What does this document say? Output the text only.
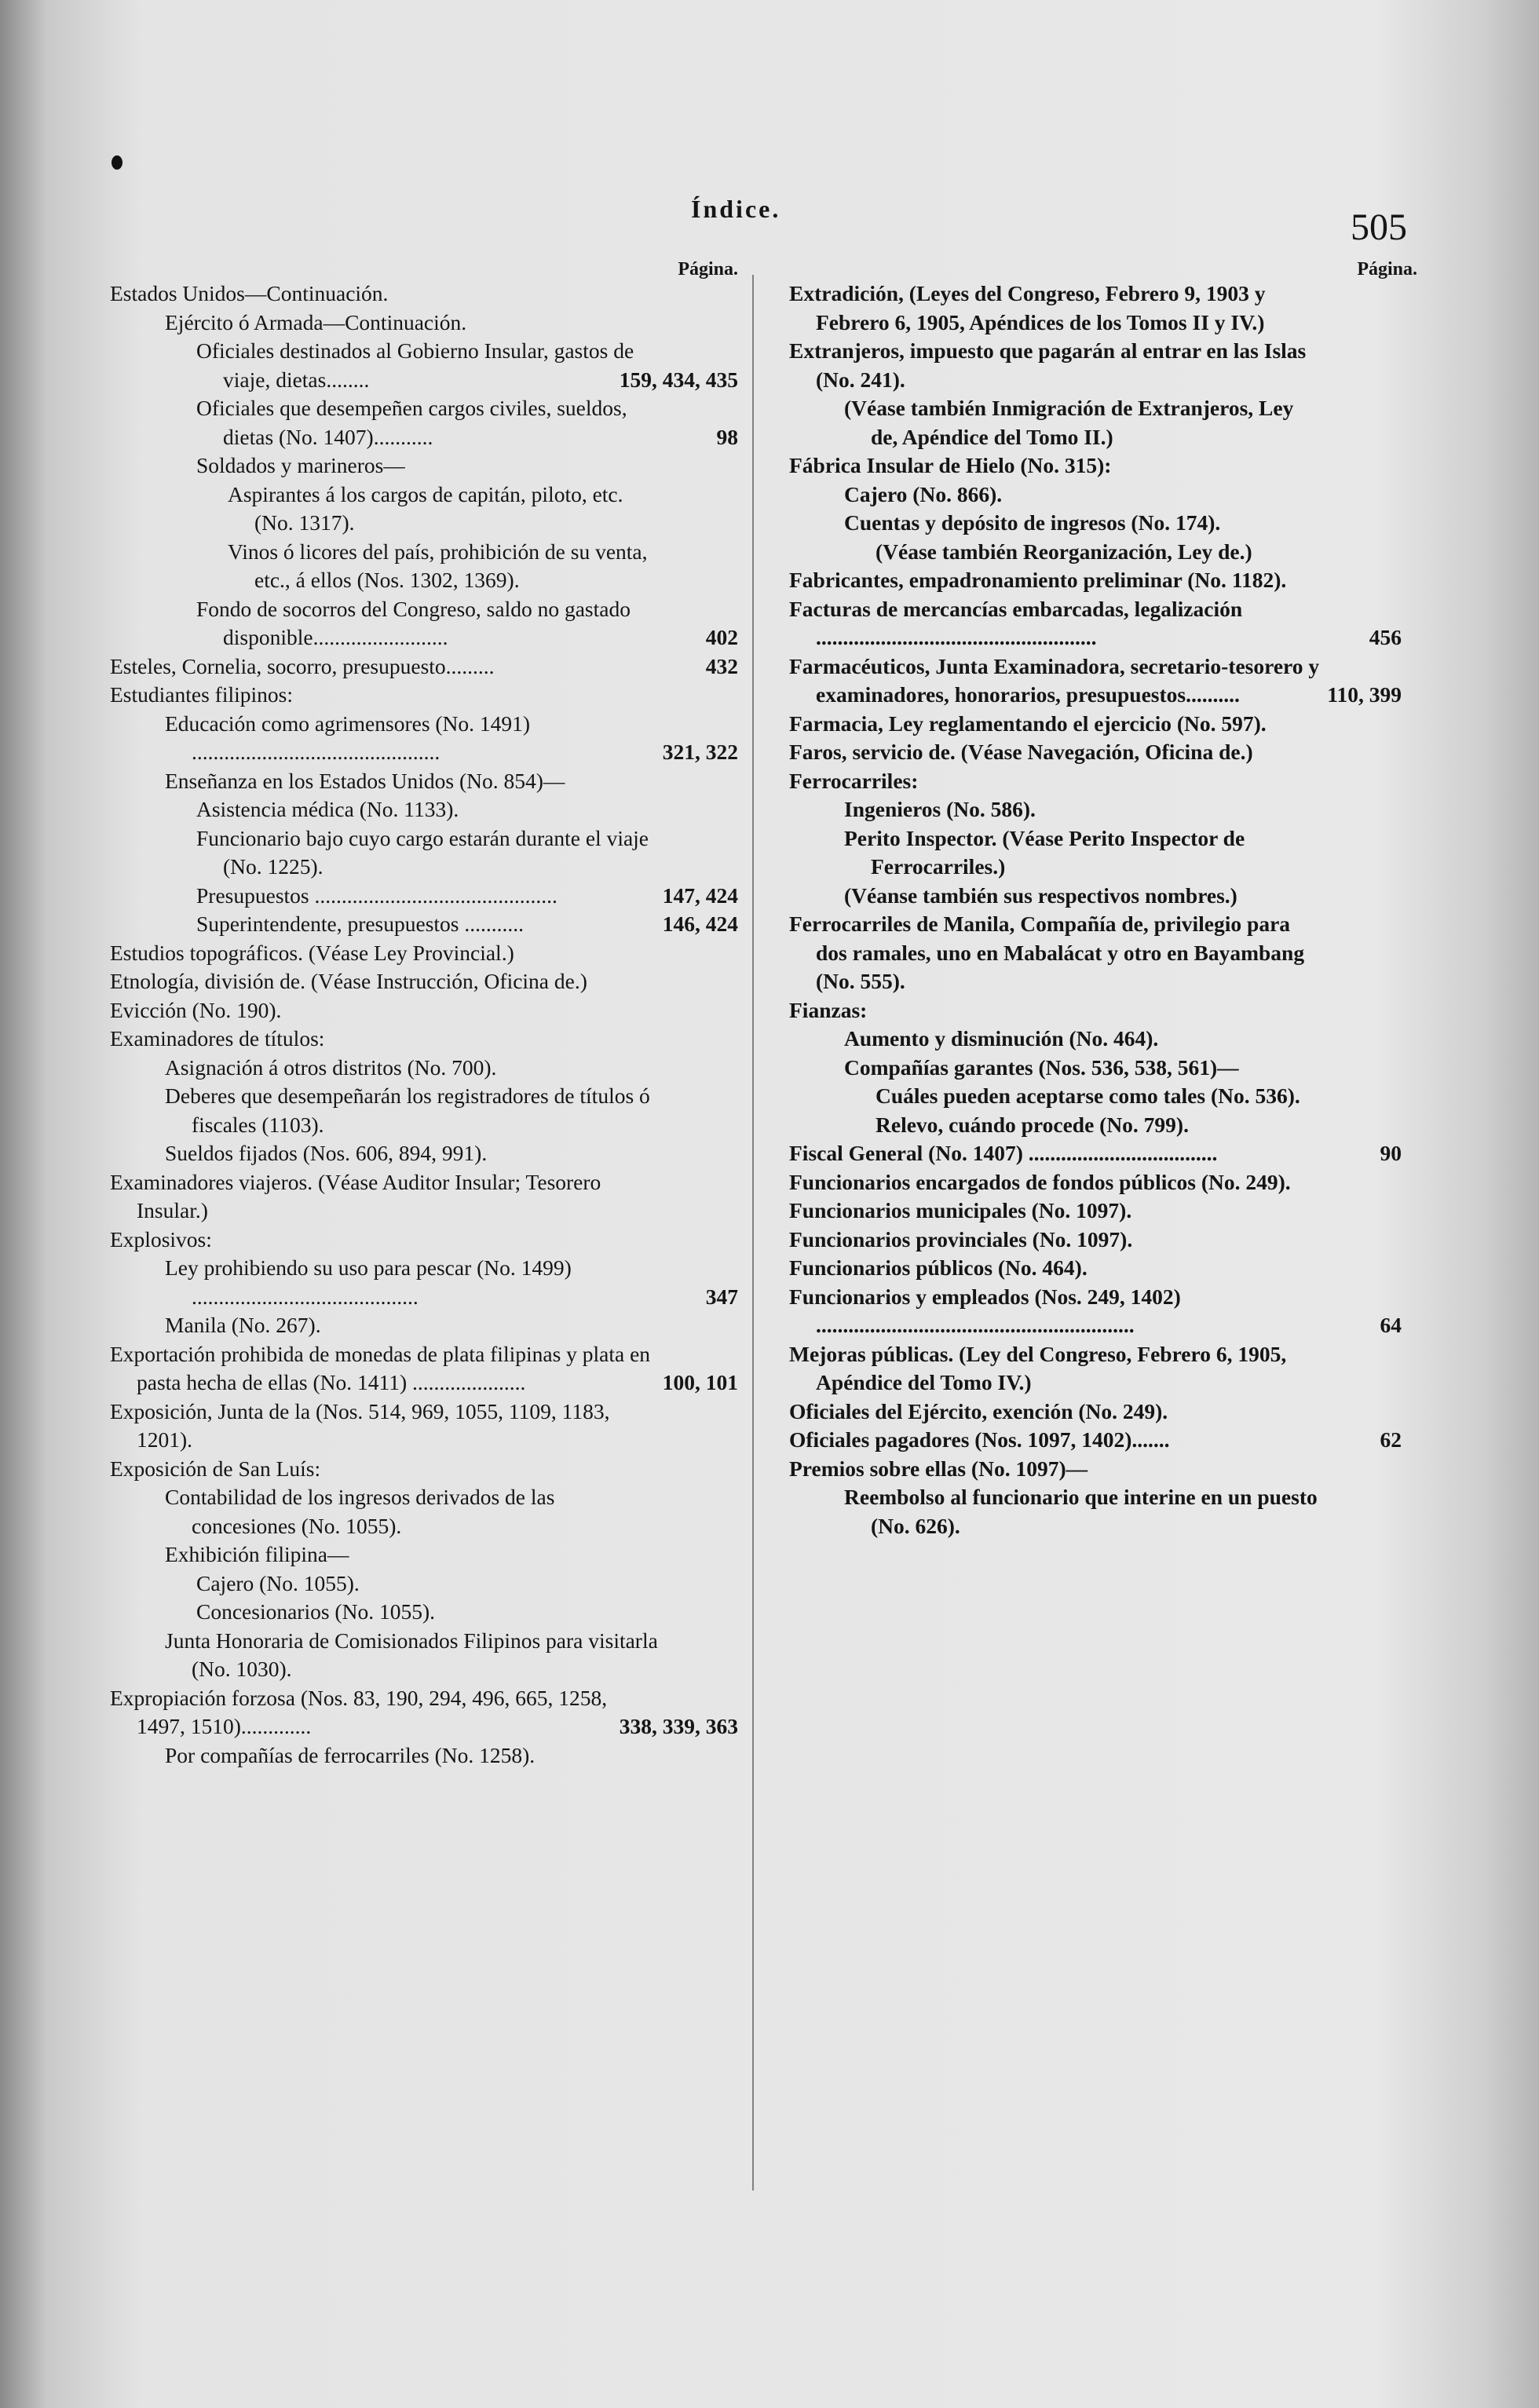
Índice.	505
Página.
Estados Unidos—Continuación.
Ejército ó Armada—Continuación.
Oficiales destinados al Gobierno Insular, gastos de viaje, dietas........	159, 434, 435
Oficiales que desempeñen cargos civiles, sueldos, dietas (No. 1407)...........	98
Soldados y marineros—
Aspirantes á los cargos de capitán, piloto, etc. (No. 1317).
Vinos ó licores del país, prohibición de su venta, etc., á ellos (Nos. 1302, 1369).
Fondo de socorros del Congreso, saldo no gastado disponible.........................	402
Esteles, Cornelia, socorro, presupuesto.........	432
Estudiantes filipinos:
Educación como agrimensores (No. 1491) ..............................................	321, 322
Enseñanza en los Estados Unidos (No. 854)—
Asistencia médica (No. 1133).
Funcionario bajo cuyo cargo estarán durante el viaje (No. 1225).
Presupuestos .............................................	147, 424
Superintendente, presupuestos ...........	146, 424
Estudios topográficos. (Véase Ley Provincial.)
Etnología, división de. (Véase Instrucción, Oficina de.)
Evicción (No. 190).
Examinadores de títulos:
Asignación á otros distritos (No. 700).
Deberes que desempeñarán los registradores de títulos ó fiscales (1103).
Sueldos fijados (Nos. 606, 894, 991).
Examinadores viajeros. (Véase Auditor Insular; Tesorero Insular.)
Explosivos:
Ley prohibiendo su uso para pescar (No. 1499) ..........................................	347
Manila (No. 267).
Exportación prohibida de monedas de plata filipinas y plata en pasta hecha de ellas (No. 1411) .....................	100, 101
Exposición, Junta de la (Nos. 514, 969, 1055, 1109, 1183, 1201).
Exposición de San Luís:
Contabilidad de los ingresos derivados de las concesiones (No. 1055).
Exhibición filipina—
Cajero (No. 1055).
Concesionarios (No. 1055).
Junta Honoraria de Comisionados Filipinos para visitarla (No. 1030).
Expropiación forzosa (Nos. 83, 190, 294, 496, 665, 1258, 1497, 1510).............	338, 339, 363
Por compañías de ferrocarriles (No. 1258).
Página.
Extradición, (Leyes del Congreso, Febrero 9, 1903 y Febrero 6, 1905, Apéndices de los Tomos II y IV.)
Extranjeros, impuesto que pagarán al entrar en las Islas (No. 241).
(Véase también Inmigración de Extranjeros, Ley de, Apéndice del Tomo II.)
Fábrica Insular de Hielo (No. 315):
Cajero (No. 866).
Cuentas y depósito de ingresos (No. 174).
(Véase también Reorganización, Ley de.)
Fabricantes, empadronamiento preliminar (No. 1182).
Facturas de mercancías embarcadas, legalización ....................................................	456
Farmacéuticos, Junta Examinadora, secretario-tesorero y examinadores, honorarios, presupuestos..........	110, 399
Farmacia, Ley reglamentando el ejercicio (No. 597).
Faros, servicio de. (Véase Navegación, Oficina de.)
Ferrocarriles:
Ingenieros (No. 586).
Perito Inspector. (Véase Perito Inspector de Ferrocarriles.)
(Véanse también sus respectivos nombres.)
Ferrocarriles de Manila, Compañía de, privilegio para dos ramales, uno en Mabalácat y otro en Bayambang (No. 555).
Fianzas:
Aumento y disminución (No. 464).
Compañías garantes (Nos. 536, 538, 561)—
Cuáles pueden aceptarse como tales (No. 536).
Relevo, cuándo procede (No. 799).
Fiscal General (No. 1407) ...................................	90
Funcionarios encargados de fondos públicos (No. 249).
Funcionarios municipales (No. 1097).
Funcionarios provinciales (No. 1097).
Funcionarios públicos (No. 464).
Funcionarios y empleados (Nos. 249, 1402) ...........................................................	64
Mejoras públicas. (Ley del Congreso, Febrero 6, 1905, Apéndice del Tomo IV.)
Oficiales del Ejército, exención (No. 249).
Oficiales pagadores (Nos. 1097, 1402).......	62
Premios sobre ellas (No. 1097)—
Reembolso al funcionario que interine en un puesto (No. 626).
